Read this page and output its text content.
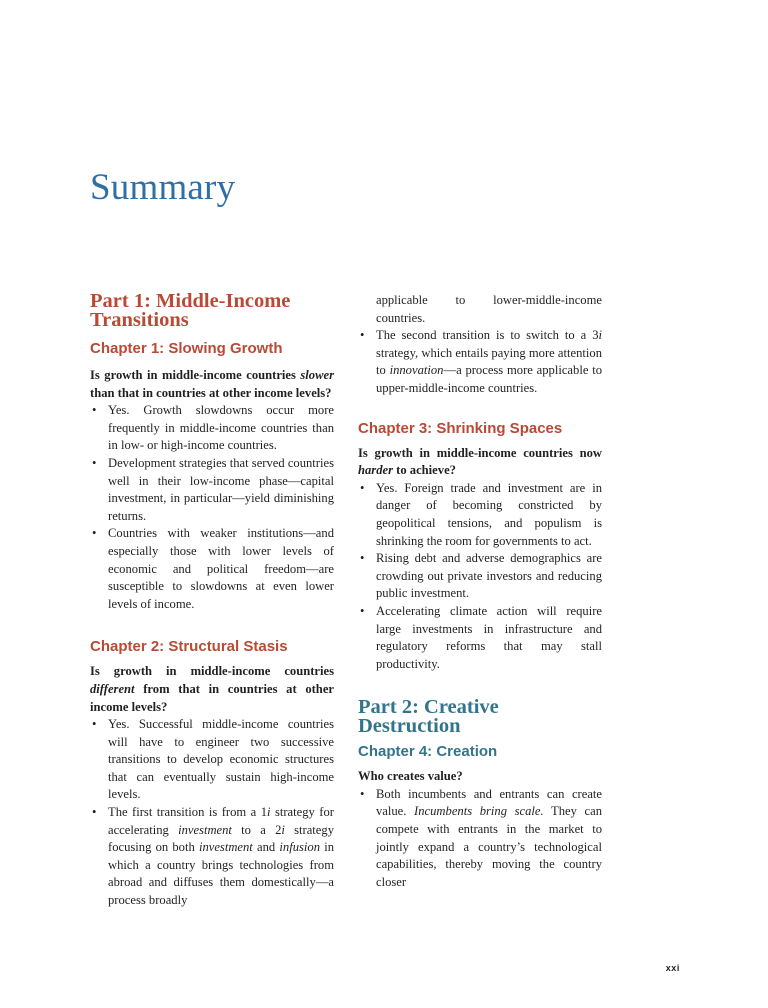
Summary
Part 1: Middle-Income Transitions
Chapter 1: Slowing Growth

Is growth in middle-income countries slower than that in countries at other income levels?

• Yes. Growth slowdowns occur more frequently in middle-income countries than in low- or high-income countries.
• Development strategies that served countries well in their low-income phase—capital investment, in particular—yield diminishing returns.
• Countries with weaker institutions—and especially those with lower levels of economic and political freedom—are susceptible to slowdowns at even lower levels of income.
Chapter 2: Structural Stasis

Is growth in middle-income countries different from that in countries at other income levels?

• Yes. Successful middle-income countries will have to engineer two successive transitions to develop economic structures that can eventually sustain high-income levels.
• The first transition is from a 1i strategy for accelerating investment to a 2i strategy focusing on both investment and infusion in which a country brings technologies from abroad and diffuses them domestically—a process broadly

applicable to lower-middle-income countries.

• The second transition is to switch to a 3i strategy, which entails paying more attention to innovation—a process more applicable to upper-middle-income countries.
Chapter 3: Shrinking Spaces

Is growth in middle-income countries now harder to achieve?

• Yes. Foreign trade and investment are in danger of becoming constricted by geopolitical tensions, and populism is shrinking the room for governments to act.
• Rising debt and adverse demographics are crowding out private investors and reducing public investment.
• Accelerating climate action will require large investments in infrastructure and regulatory reforms that may stall productivity.
Part 2: Creative Destruction
Chapter 4: Creation

Who creates value?

• Both incumbents and entrants can create value. Incumbents bring scale. They can compete with entrants in the market to jointly expand a country’s technological capabilities, thereby moving the country closer
xxi
